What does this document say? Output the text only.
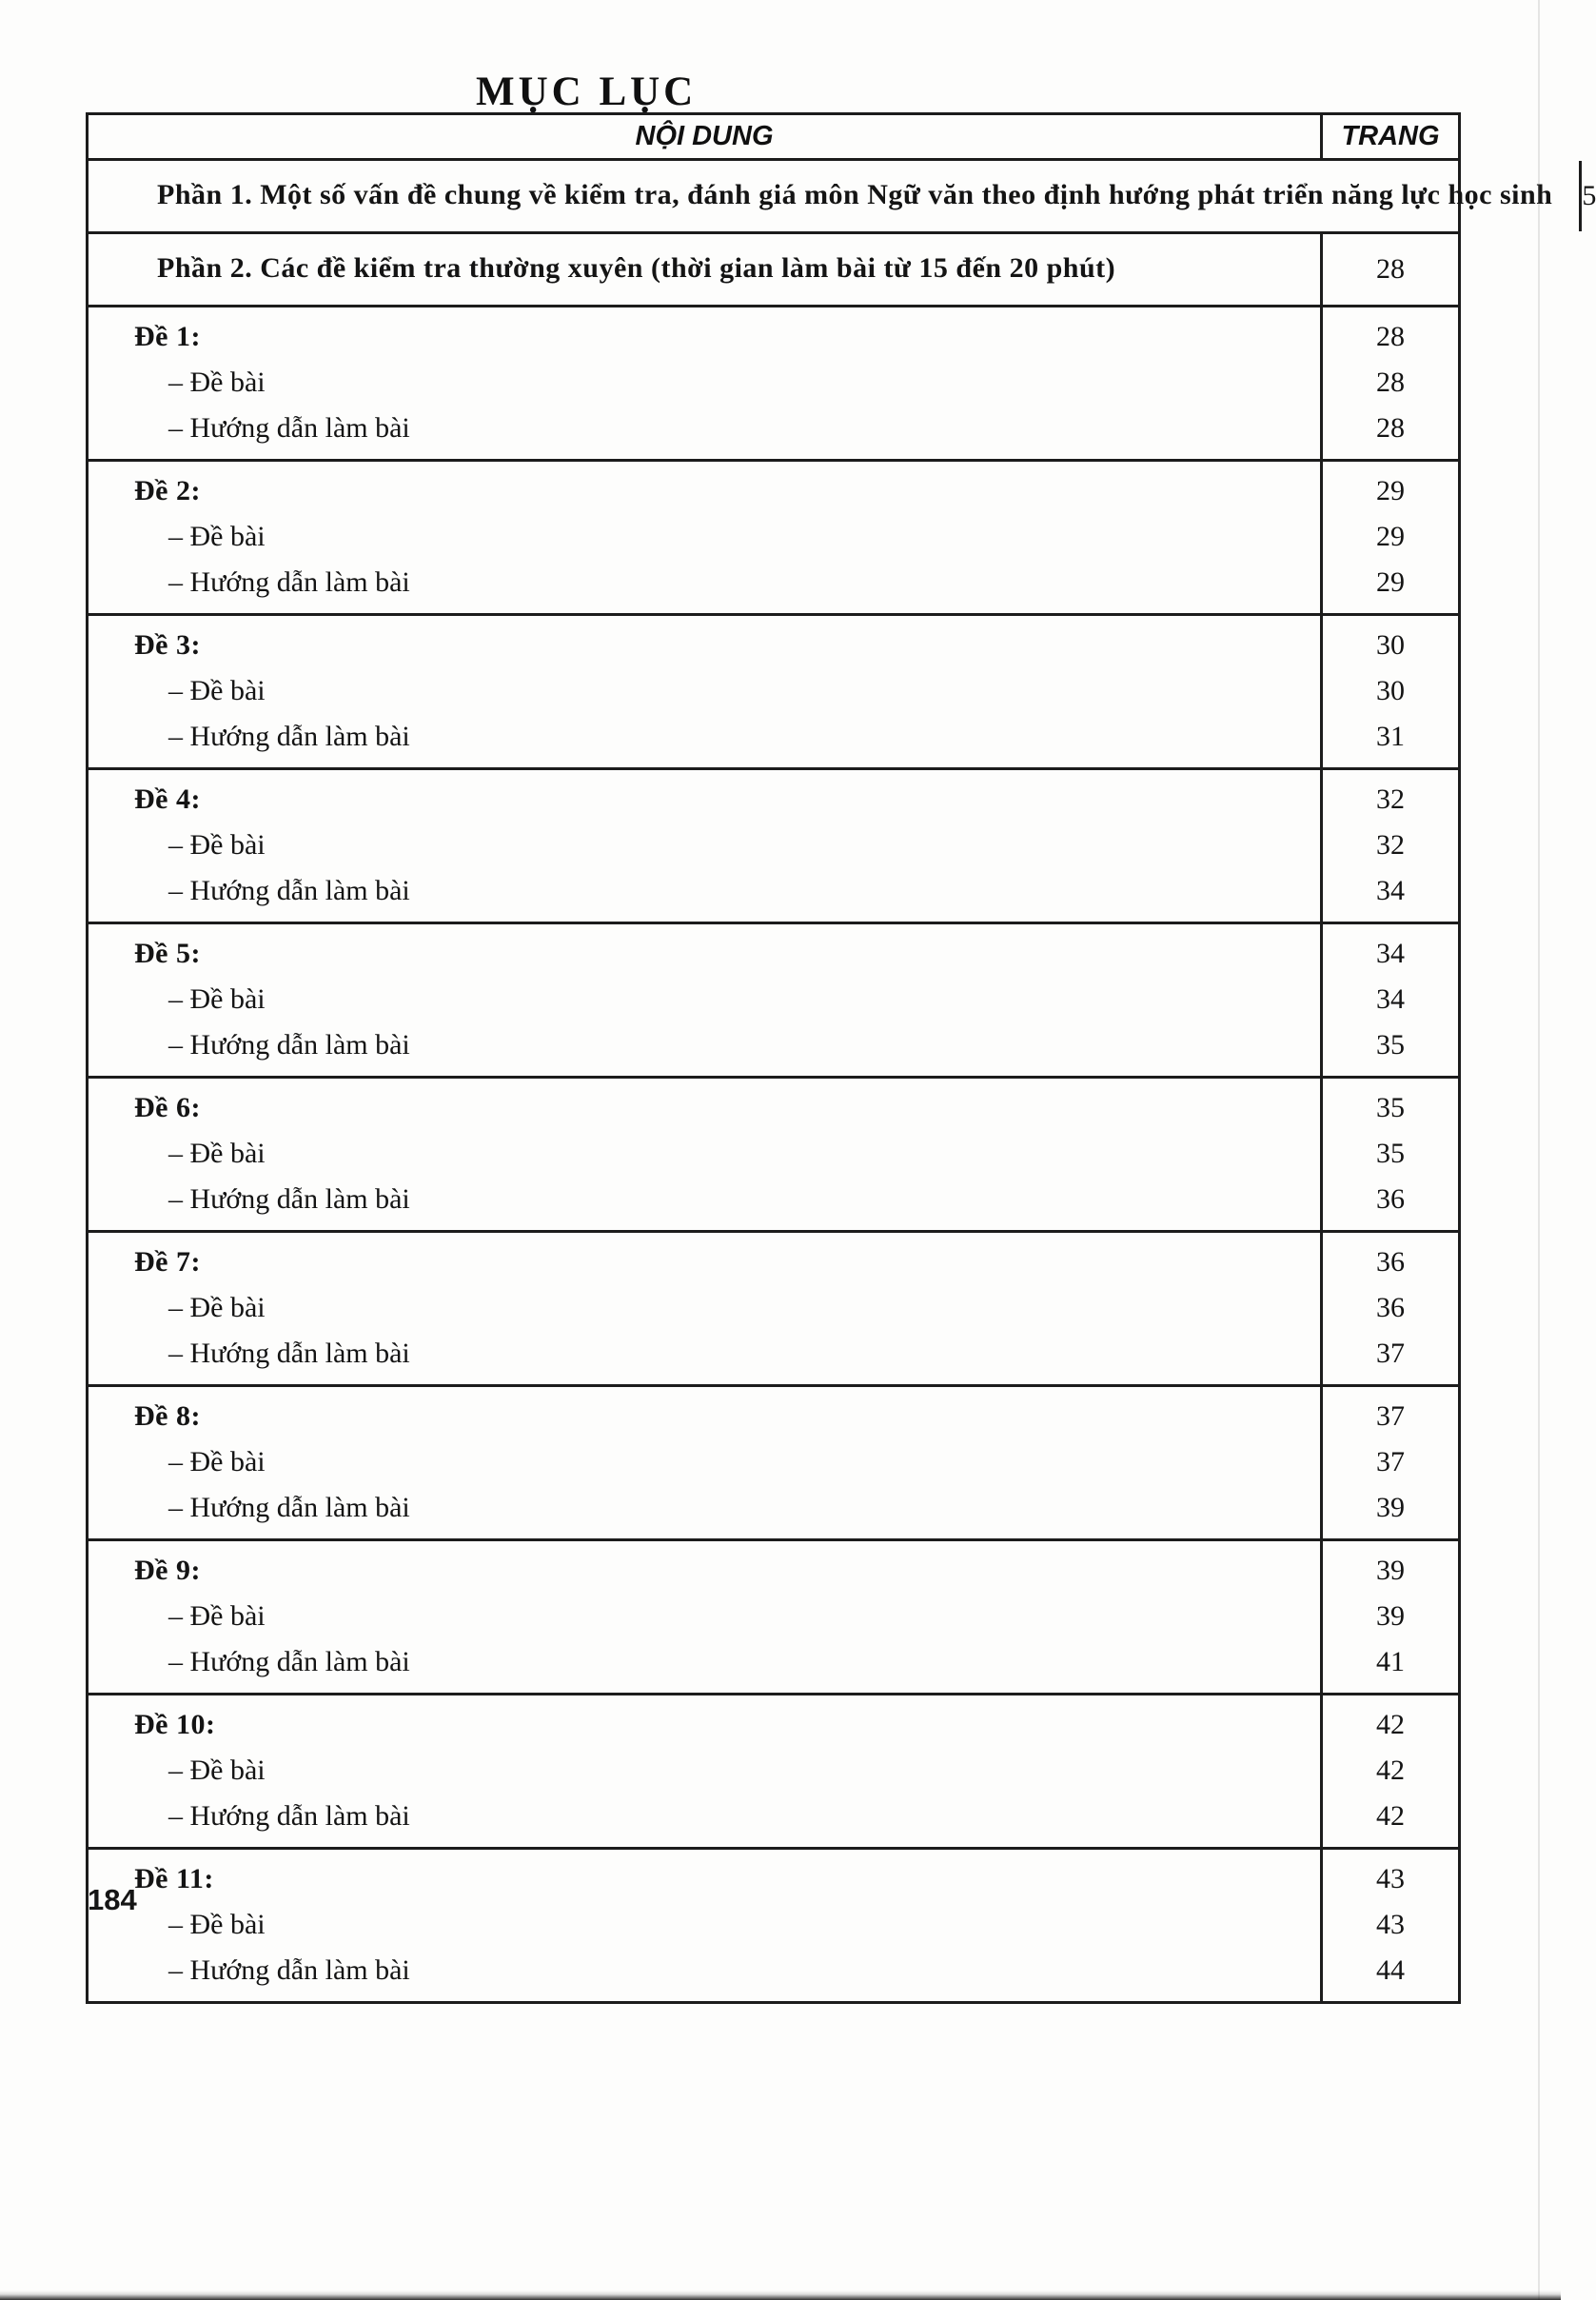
MỤC LỤC
NỘI DUNG	TRANG
Phần 1. Một số vấn đề chung về kiểm tra, đánh giá môn Ngữ văn theo định hướng phát triển năng lực học sinh 5
Phần 2. Các đề kiểm tra thường xuyên (thời gian làm bài từ 15 đến 20 phút)	28
Đề 1:
– Đề bài
– Hướng dẫn làm bài
28
28
28
Đề 2:
– Đề bài
– Hướng dẫn làm bài
29
29
29
Đề 3:
– Đề bài
– Hướng dẫn làm bài
30
30
31
Đề 4:
– Đề bài
– Hướng dẫn làm bài
32
32
34
Đề 5:
– Đề bài
– Hướng dẫn làm bài
34
34
35
Đề 6:
– Đề bài
– Hướng dẫn làm bài
35
35
36
Đề 7:
– Đề bài
– Hướng dẫn làm bài
36
36
37
Đề 8:
– Đề bài
– Hướng dẫn làm bài
37
37
39
Đề 9:
– Đề bài
– Hướng dẫn làm bài
39
39
41
Đề 10:
– Đề bài
– Hướng dẫn làm bài
42
42
42
Đề 11:
– Đề bài
– Hướng dẫn làm bài
43
43
44
184
